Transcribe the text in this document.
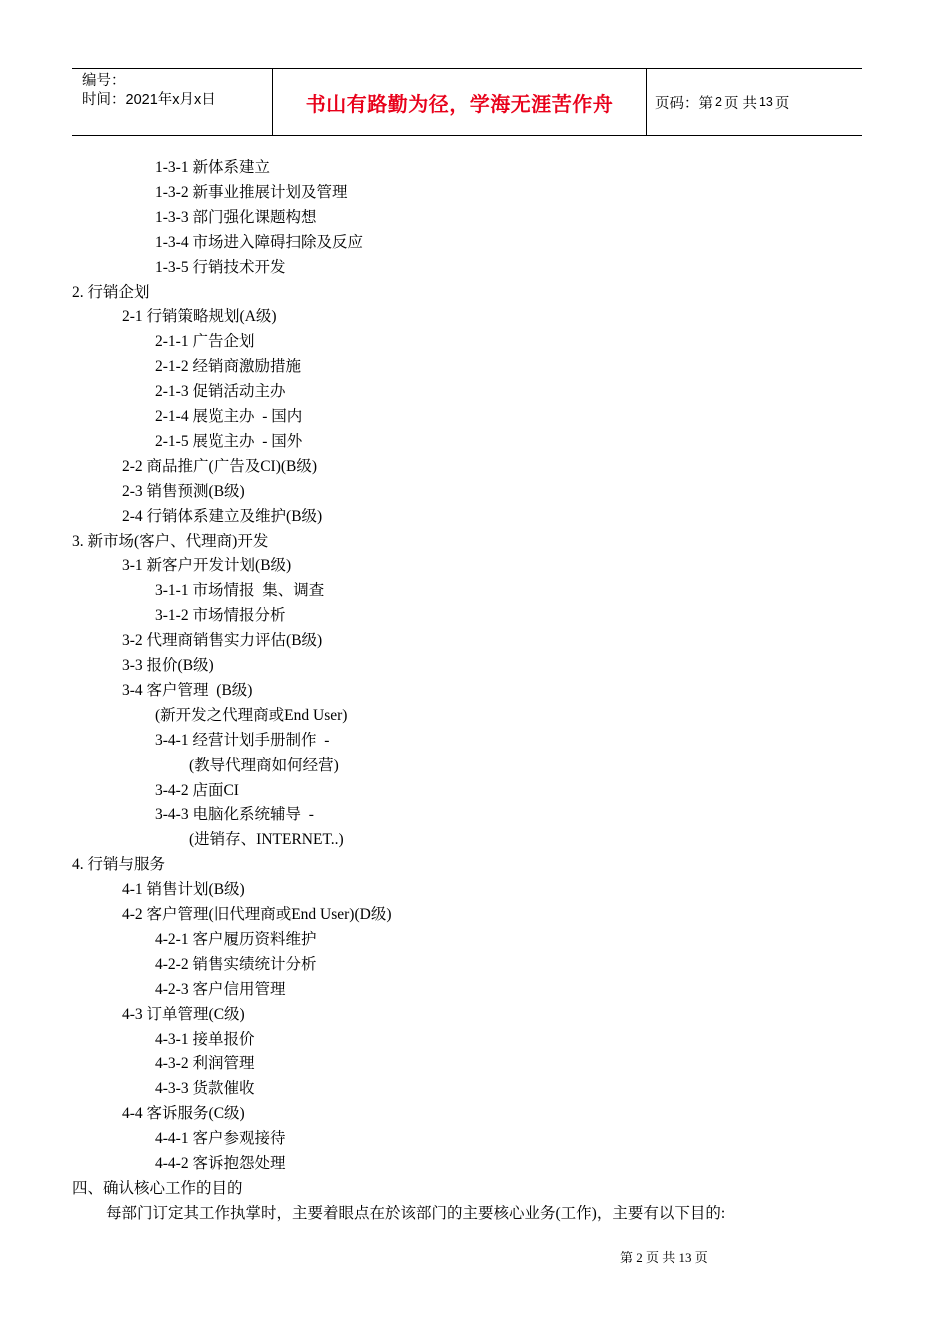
编号：
时间：2021年x月x日	书山有路勤为径，学海无涯苦作舟	页码：第 2 页 共 13 页
1-3-1 新体系建立
1-3-2 新事业推展计划及管理
1-3-3 部门强化课题构想
1-3-4 市场进入障碍扫除及反应
1-3-5 行销技术开发
2. 行销企划
2-1 行销策略规划(A级)
2-1-1 广告企划
2-1-2 经销商激励措施
2-1-3 促销活动主办
2-1-4 展览主办  - 国内
2-1-5 展览主办  - 国外
2-2 商品推广(广告及CI)(B级)
2-3 销售预测(B级)
2-4 行销体系建立及维护(B级)
3. 新市场(客户、代理商)开发
3-1 新客户开发计划(B级)
3-1-1 市场情报  集、调查
3-1-2 市场情报分析
3-2 代理商销售实力评估(B级)
3-3 报价(B级)
3-4 客户管理  (B级)
(新开发之代理商或End User)
3-4-1 经营计划手册制作  -
(教导代理商如何经营)
3-4-2 店面CI
3-4-3 电脑化系统辅导  -
(进销存、INTERNET..)
4. 行销与服务
4-1 销售计划(B级)
4-2 客户管理(旧代理商或End User)(D级)
4-2-1 客户履历资料维护
4-2-2 销售实绩统计分析
4-2-3 客户信用管理
4-3 订单管理(C级)
4-3-1 接单报价
4-3-2 利润管理
4-3-3 货款催收
4-4 客诉服务(C级)
4-4-1 客户参观接待
4-4-2 客诉抱怨处理
四、确认核心工作的目的
每部门订定其工作执掌时，主要着眼点在於该部门的主要核心业务(工作)，主要有以下目的:
第 2 页 共 13 页
